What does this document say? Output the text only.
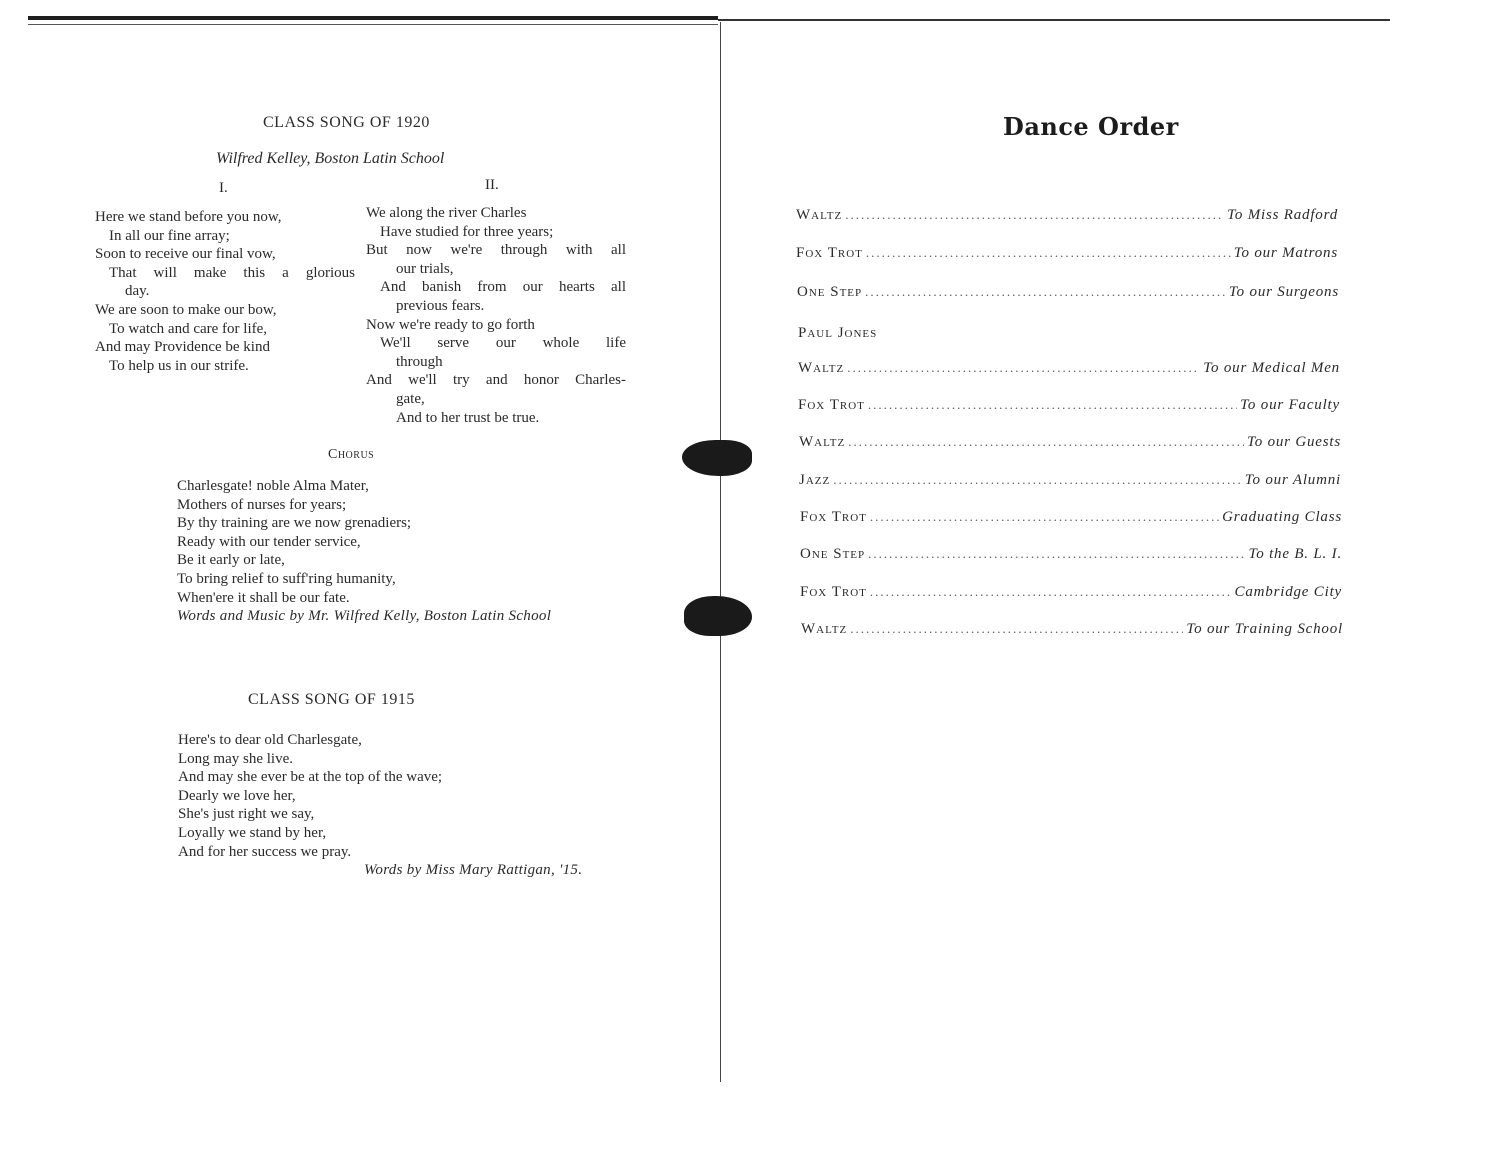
CLASS SONG OF 1920
Wilfred Kelley, Boston Latin School
I.	II.
Here we stand before you now,
In all our fine array;
Soon to receive our final vow,
That will make this a glorious
day.
We are soon to make our bow,
To watch and care for life,
And may Providence be kind
To help us in our strife.
We along the river Charles
Have studied for three years;
But now we're through with all
our trials,
And banish from our hearts all
previous fears.
Now we're ready to go forth
We'll serve our whole life
through
And we'll try and honor Charles-
gate,
And to her trust be true.
Chorus
Charlesgate! noble Alma Mater,
Mothers of nurses for years;
By thy training are we now grenadiers;
Ready with our tender service,
Be it early or late,
To bring relief to suff'ring humanity,
When'ere it shall be our fate.
Words and Music by Mr. Wilfred Kelly, Boston Latin School
CLASS SONG OF 1915
Here's to dear old Charlesgate,
Long may she live.
And may she ever be at the top of the wave;
Dearly we love her,
She's just right we say,
Loyally we stand by her,
And for her success we pray.
Words by Miss Mary Rattigan, '15.
Dance Order
Waltz .....	To Miss Radford
Fox Trot .....	To our Matrons
One Step .....	To our Surgeons
Paul Jones
Waltz .....	To our Medical Men
Fox Trot .....	To our Faculty
Waltz .....	To our Guests
Jazz .....	To our Alumni
Fox Trot .....	Graduating Class
One Step .....	To the B. L. I.
Fox Trot .....	Cambridge City
Waltz .....	To our Training School
